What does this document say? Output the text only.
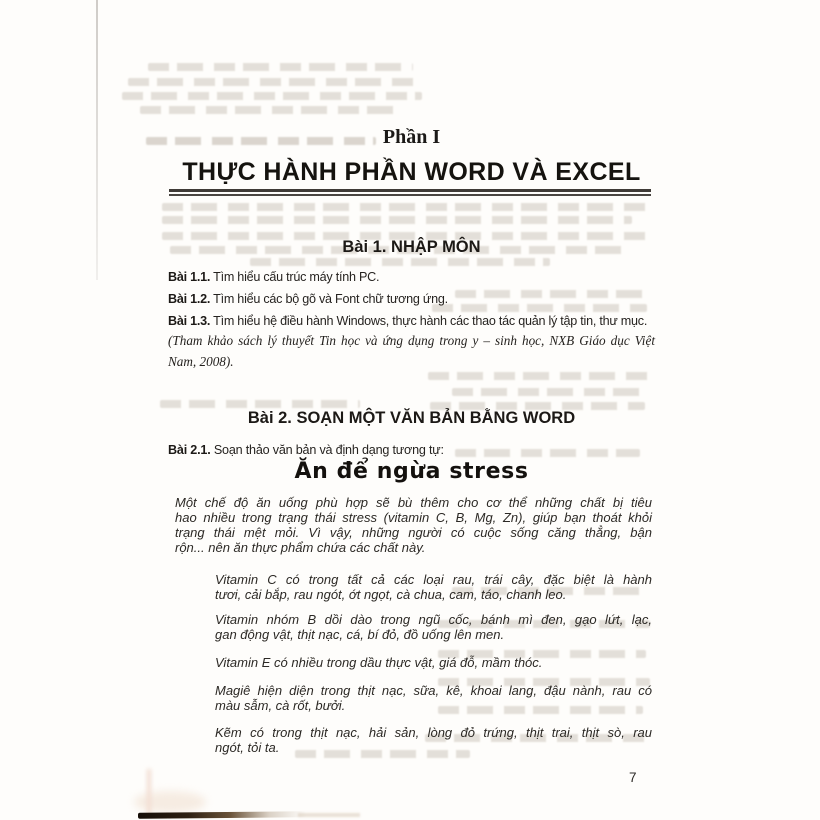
Phần I
THỰC HÀNH PHẦN WORD VÀ EXCEL
Bài 1. NHẬP MÔN
Bài 1.1. Tìm hiểu cấu trúc máy tính PC.
Bài 1.2. Tìm hiểu các bộ gõ và Font chữ tương ứng.
Bài 1.3. Tìm hiểu hệ điều hành Windows, thực hành các thao tác quản lý tập tin, thư mục.
(Tham khảo sách lý thuyết Tin học và ứng dụng trong y – sinh học, NXB Giáo dục Việt
Nam, 2008).
Bài 2. SOẠN MỘT VĂN BẢN BẰNG WORD
Bài 2.1. Soạn thảo văn bản và định dạng tương tự:
Ăn để ngừa stress
Một chế độ ăn uống phù hợp sẽ bù thêm cho cơ thể những chất bị tiêu
hao nhiều trong trạng thái stress (vitamin C, B, Mg, Zn), giúp bạn thoát khỏi
trạng thái mệt mỏi. Vì vậy, những người có cuộc sống căng thẳng, bận
rộn... nên ăn thực phẩm chứa các chất này.
Vitamin C có trong tất cả các loại rau, trái cây, đặc biệt là hành
tươi, cải bắp, rau ngót, ớt ngọt, cà chua, cam, táo, chanh leo.
Vitamin nhóm B dồi dào trong ngũ cốc, bánh mì đen, gạo lứt, lạc,
gan động vật, thịt nạc, cá, bí đỏ, đồ uống lên men.
Vitamin E có nhiều trong dầu thực vật, giá đỗ, mầm thóc.
Magiê hiện diện trong thịt nạc, sữa, kê, khoai lang, đậu nành, rau có
màu sẫm, cà rốt, bưởi.
Kẽm có trong thịt nạc, hải sản, lòng đỏ trứng, thịt trai, thịt sò, rau
ngót, tỏi ta.
7
